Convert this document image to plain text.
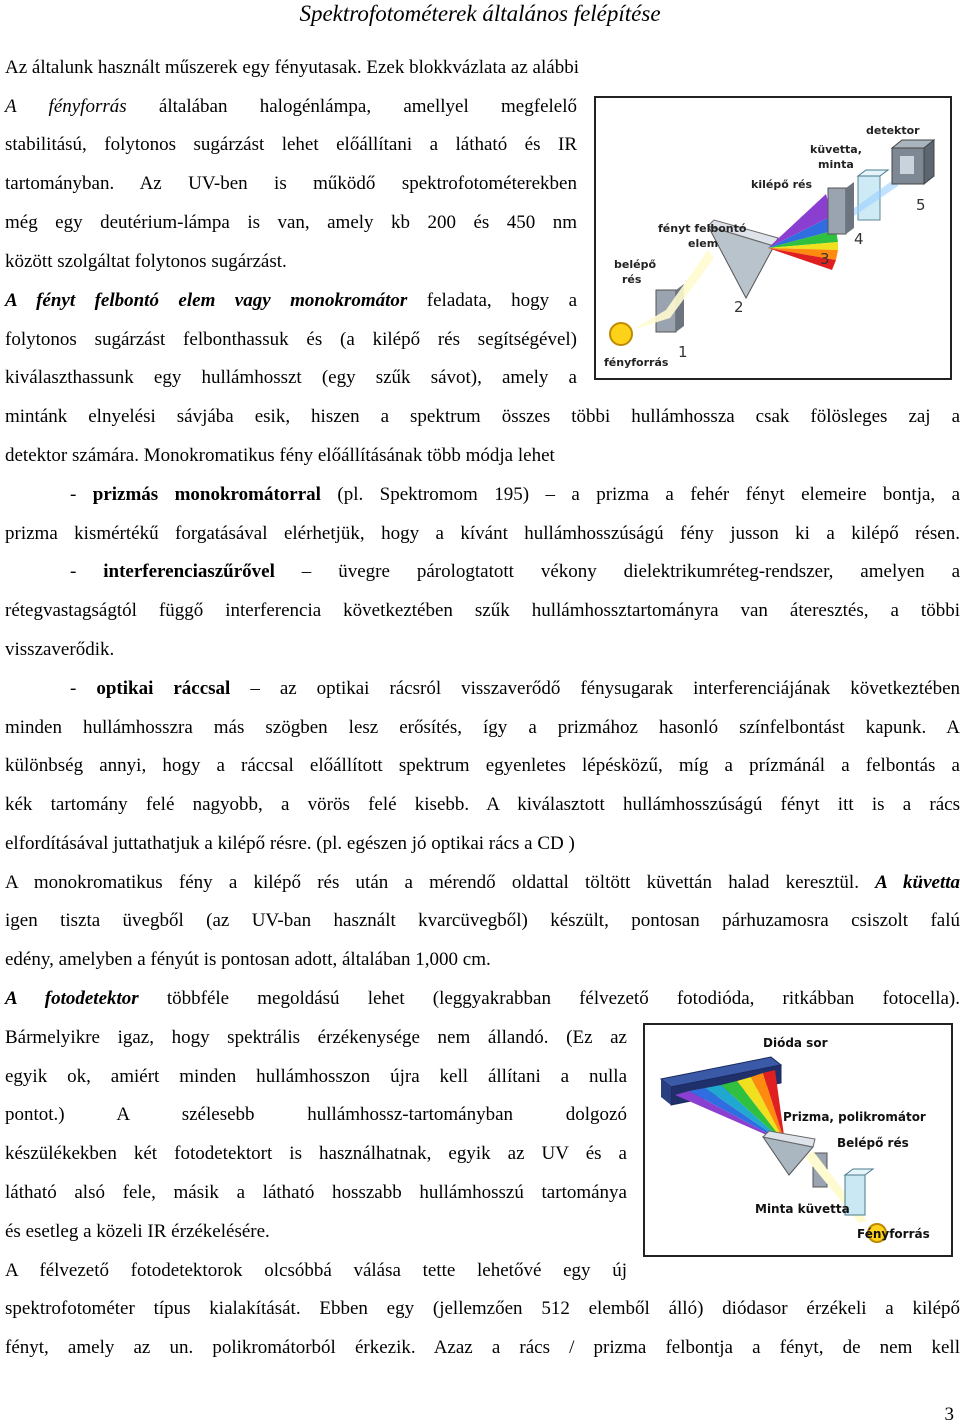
Spektrofotométerek általános felépítése
detektor
küvetta,
minta
kilépő rés
fényt felbontó
elem
belépő
rés
fényforrás
1
2
3
4
5
Dióda sor
Prizma, polikromátor
Belépő rés
Minta küvetta
Fényforrás
Az általunk használt műszerek egy fényutasak. Ezek blokkvázlata az alábbi
A fényforrás általában halogénlámpa, amellyel megfelelő
stabilitású, folytonos sugárzást lehet előállítani a látható és IR
tartományban. Az UV-ben is működő spektrofotométerekben
még egy deutérium-lámpa is van, amely kb 200 és 450 nm
között szolgáltat folytonos sugárzást.
A fényt felbontó elem vagy monokromátor feladata, hogy a
folytonos sugárzást felbonthassuk és (a kilépő rés segítségével)
kiválaszthassunk egy hullámhosszt (egy szűk sávot), amely a
mintánk elnyelési sávjába esik, hiszen a spektrum összes többi hullámhossza csak fölösleges zaj a
detektor számára. Monokromatikus fény előállításának több módja lehet
- prizmás monokromátorral (pl. Spektromom 195) – a prizma a fehér fényt elemeire bontja, a
prizma kismértékű forgatásával elérhetjük, hogy a kívánt hullámhosszúságú fény jusson ki a kilépő résen.
- interferenciaszűrővel – üvegre párologtatott vékony dielektrikumréteg-rendszer, amelyen a
rétegvastagságtól függő interferencia következtében szűk hullámhossztartományra van áteresztés, a többi
visszaverődik.
- optikai ráccsal – az optikai rácsról visszaverődő fénysugarak interferenciájának következtében
minden hullámhosszra más szögben lesz erősítés, így a prizmához hasonló színfelbontást kapunk. A
különbség annyi, hogy a ráccsal előállított spektrum egyenletes lépésközű, míg a prízmánál a felbontás a
kék tartomány felé nagyobb, a vörös felé kisebb. A kiválasztott hullámhosszúságú fényt itt is a rács
elfordításával juttathatjuk a kilépő résre. (pl. egészen jó optikai rács a CD )
A monokromatikus fény a kilépő rés után a mérendő oldattal töltött küvettán halad keresztül. A küvetta
igen tiszta üvegből (az UV-ban használt kvarcüvegből) készült, pontosan párhuzamosra csiszolt falú
edény, amelyben a fényút is pontosan adott, általában 1,000 cm.
A fotodetektor többféle megoldású lehet (leggyakrabban félvezető fotodióda, ritkábban fotocella).
Bármelyikre igaz, hogy spektrális érzékenysége nem állandó. (Ez az
egyik ok, amiért minden hullámhosszon újra kell állítani a nulla
pontot.) A szélesebb hullámhossz-tartományban dolgozó
készülékekben két fotodetektort is használhatnak, egyik az UV és a
látható alsó fele, másik a látható hosszabb hullámhosszú tartománya
és esetleg a közeli IR érzékelésére.
A félvezető fotodetektorok olcsóbbá válása tette lehetővé egy új
spektrofotométer típus kialakítását. Ebben egy (jellemzően 512 elemből álló) diódasor érzékeli a kilépő
fényt, amely az un. polikromátorból érkezik. Azaz a rács / prizma felbontja a fényt, de nem kell
3
